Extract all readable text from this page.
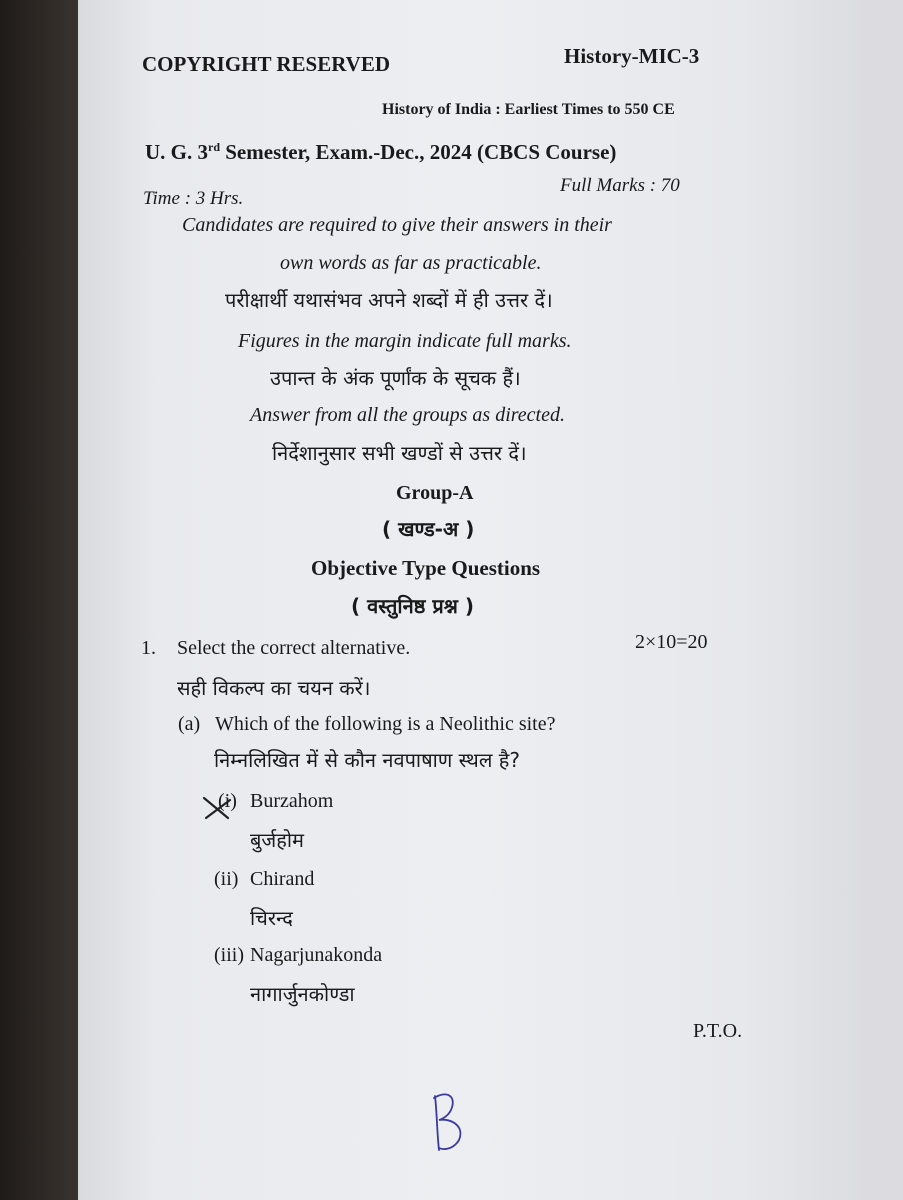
COPYRIGHT RESERVED	History-MIC-3
History of India : Earliest Times to 550 CE
U. G. 3rd Semester, Exam.-Dec., 2024 (CBCS Course)
Time : 3 Hrs.
Full Marks : 70
Candidates are required to give their answers in their
own words as far as practicable.
परीक्षार्थी यथासंभव अपने शब्दों में ही उत्तर दें।
Figures in the margin indicate full marks.
उपान्त के अंक पूर्णांक के सूचक हैं।
Answer from all the groups as directed.
निर्देशानुसार सभी खण्डों से उत्तर दें।
Group-A
( खण्ड-अ )
Objective Type Questions
( वस्तुनिष्ठ प्रश्न )
1. Select the correct alternative.	2×10=20
सही विकल्प का चयन करें।
(a) Which of the following is a Neolithic site?
निम्नलिखित में से कौन नवपाषाण स्थल है?
(i) Burzahom
बुर्जहोम
(ii) Chirand
चिरन्द
(iii) Nagarjunakonda
नागार्जुनकोण्डा
P.T.O.
